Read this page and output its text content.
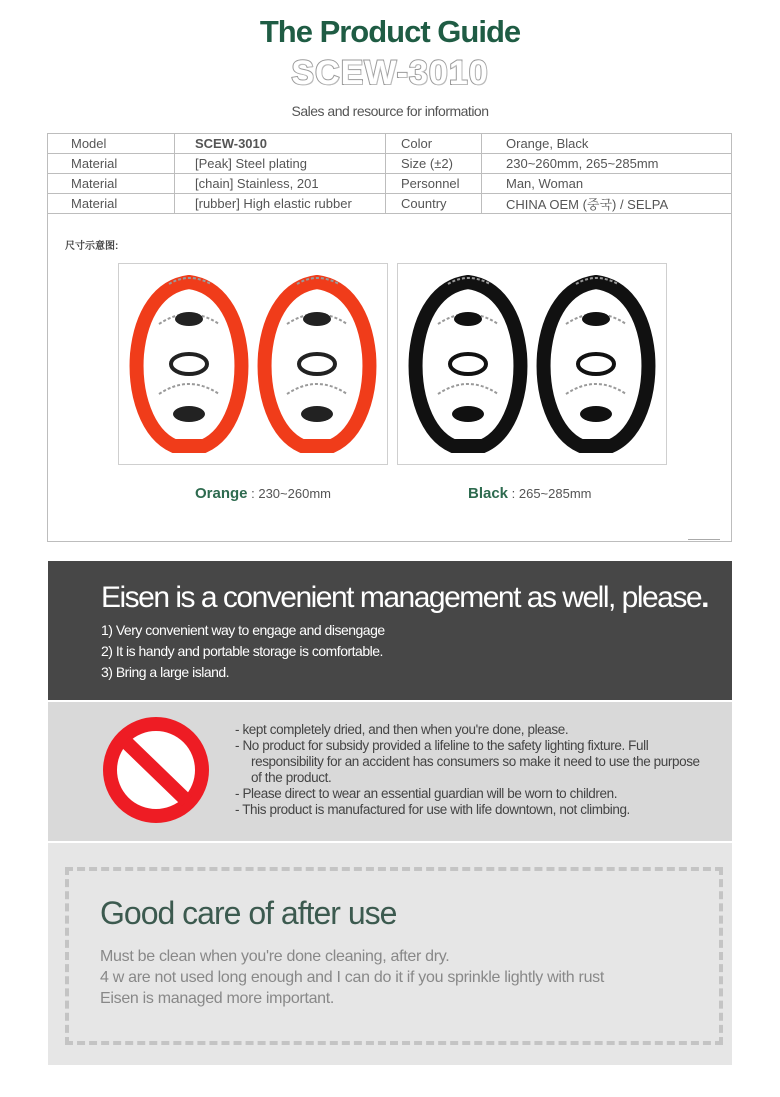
The Product Guide
SCEW-3010
Sales and resource for information
Model	SCEW-3010	Color	Orange, Black
Material	[Peak] Steel plating	Size (±2)	230~260mm, 265~285mm
Material	[chain] Stainless, 201	Personnel	Man, Woman
Material	[rubber] High elastic rubber	Country	CHINA OEM (중국) / SELPA
尺寸示意图:
Orange : 230~260mm	Black : 265~285mm
Eisen is a convenient management as well, please.
1) Very convenient way to engage and disengage
2) It is handy and portable storage is comfortable.
3) Bring a large island.
- kept completely dried, and then when you're done, please.
- No product for subsidy provided a lifeline to the safety lighting fixture. Full responsibility for an accident has consumers so make it need to use the purpose of the product.
- Please direct to wear an essential guardian will be worn to children.
- This product is manufactured for use with life downtown, not climbing.
Good care of after use
Must be clean when you're done cleaning, after dry.
4 w are not used long enough and I can do it if you sprinkle lightly with rust
Eisen is managed more important.
